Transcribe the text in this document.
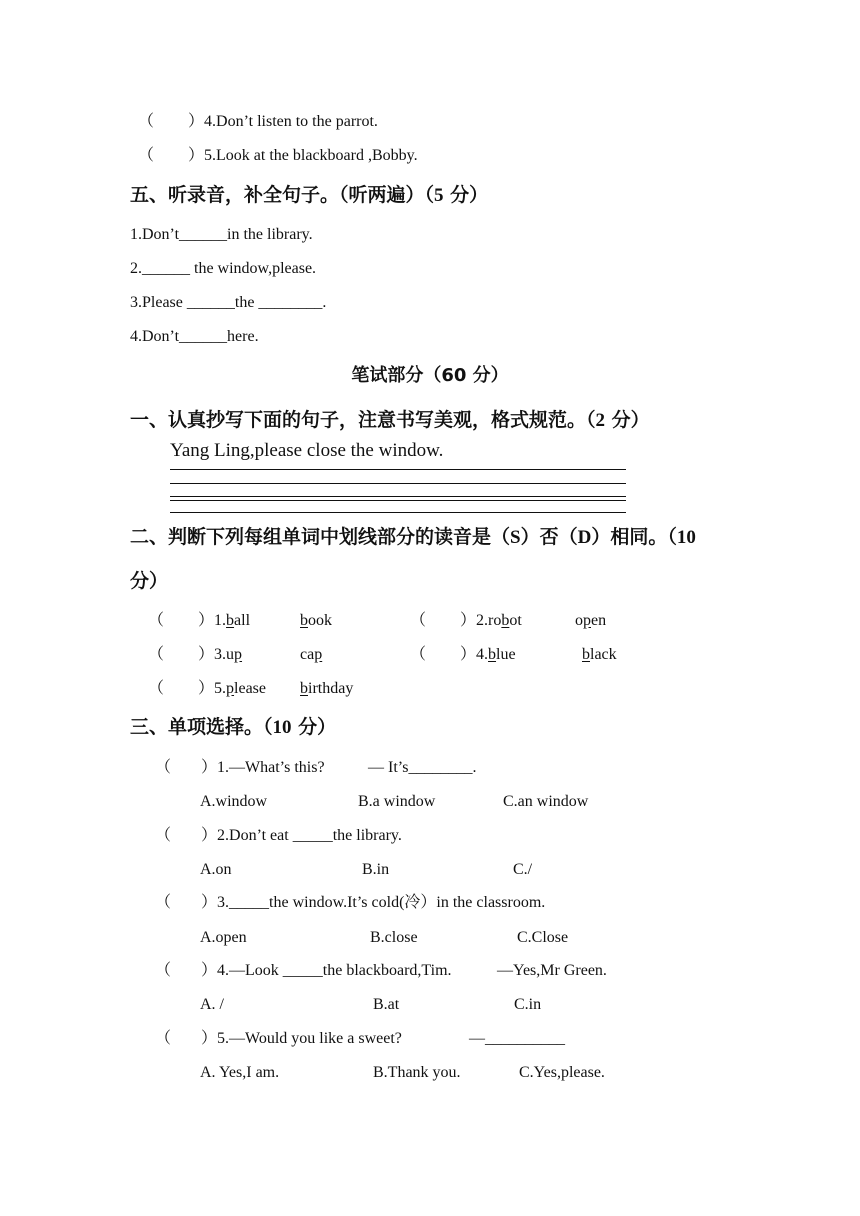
（ ）4.Don’t listen to the parrot.
（ ）5.Look at the blackboard ,Bobby.
五、听录音，补全句子。（听两遍）（5 分）
1.Don’t______in the library.
2.______ the window,please.
3.Please ______the ________.
4.Don’t______here.
笔试部分（60 分）
一、认真抄写下面的句子，注意书写美观，格式规范。（2 分）
Yang Ling,please close the window.
二、判断下列每组单词中划线部分的读音是（S）否（D）相同。（10
分）
（ ）1.ball	book	（ ）2.robot	open
（ ）3.up	cap	（ ）4.blue	black
（ ）5.please birthday
三、单项选择。（10 分）
（ ）1.—What’s this?	— It’s________.
A.window	B.a window	C.an window
（ ）2.Don’t eat _____the library.
A.on	B.in	C./
（ ）3._____the window.It’s cold(冷）in the classroom.
A.open	B.close	C.Close
（ ）4.—Look _____the blackboard,Tim.	—Yes,Mr Green.
A. /	B.at	C.in
（ ）5.—Would you like a sweet?	—__________
A. Yes,I am.	B.Thank you.	C.Yes,please.
